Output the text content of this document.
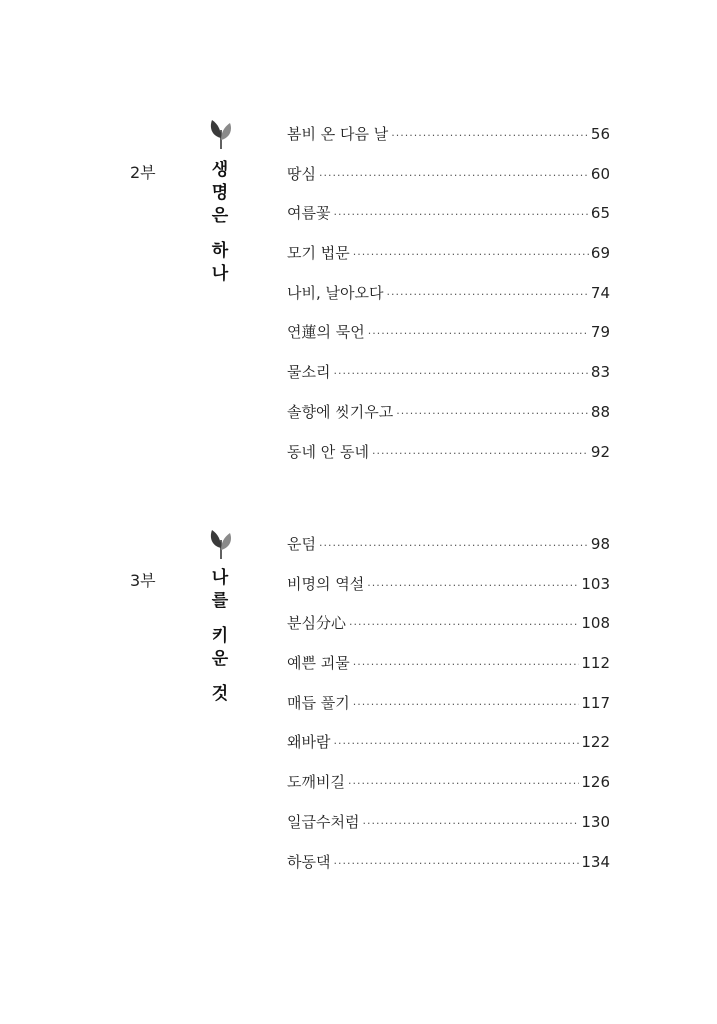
2부	생
명
은
하
나
봄비 온 다음 날 ·····	56
땅심 ·····	60
여름꽃 ·····	65
모기 법문 ·····	69
나비, 날아오다 ·····	74
연蓮의 묵언 ·····	79
물소리 ·····	83
솔향에 씻기우고 ·····	88
동네 안 동네 ·····	92
3부	나
를
키
운
것
운덤 ·····	98
비명의 역설 ·····	103
분심分心 ·····	108
예쁜 괴물 ·····	112
매듭 풀기 ·····	117
왜바람 ·····	122
도깨비길 ·····	126
일급수처럼 ·····	130
하동댁 ·····	134
